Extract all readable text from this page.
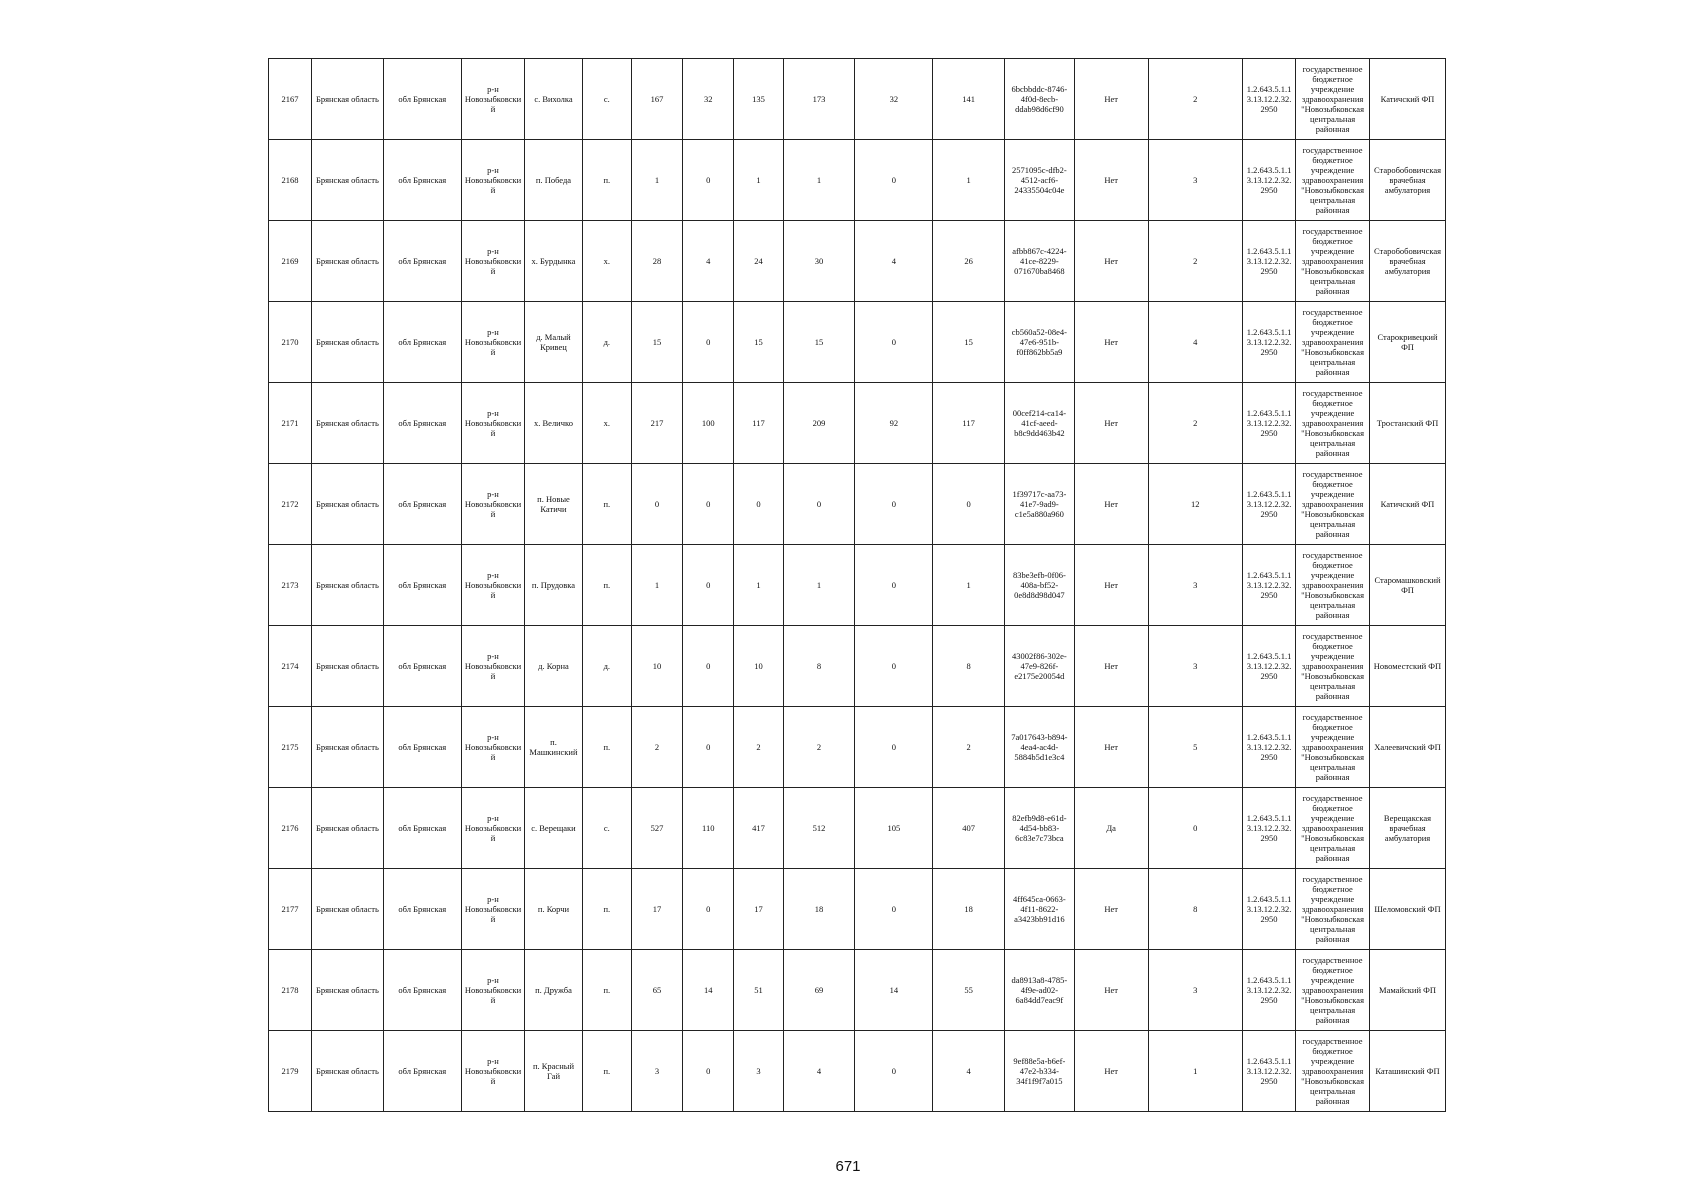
2167	Брянская область	обл Брянская	р-н Новозыбковский	с. Вихолка	с.	167	32	135	173	32	141	6bcbbddc-8746-4f0d-8ecb-ddab98d6cf90	Нет	2	1.2.643.5.1.13.13.12.2.32.2950	государственное бюджетное учреждение здравоохранения "Новозыбковская центральная районная	Катичский ФП
2168	Брянская область	обл Брянская	р-н Новозыбковский	п. Победа	п.	1	0	1	1	0	1	2571095c-dfb2-4512-acf6-24335504c04e	Нет	3	1.2.643.5.1.13.13.12.2.32.2950	государственное бюджетное учреждение здравоохранения "Новозыбковская центральная районная	Старобобовичская врачебная амбулатория
2169	Брянская область	обл Брянская	р-н Новозыбковский	х. Бурдынка	х.	28	4	24	30	4	26	afbb867c-4224-41ce-8229-071670ba8468	Нет	2	1.2.643.5.1.13.13.12.2.32.2950	государственное бюджетное учреждение здравоохранения "Новозыбковская центральная районная	Старобобовичская врачебная амбулатория
2170	Брянская область	обл Брянская	р-н Новозыбковский	д. Малый Кривец	д.	15	0	15	15	0	15	cb560a52-08e4-47e6-951b-f0ff862bb5a9	Нет	4	1.2.643.5.1.13.13.12.2.32.2950	государственное бюджетное учреждение здравоохранения "Новозыбковская центральная районная	Старокривецкий ФП
2171	Брянская область	обл Брянская	р-н Новозыбковский	х. Величко	х.	217	100	117	209	92	117	00cef214-ca14-41cf-aeed-b8c9dd463b42	Нет	2	1.2.643.5.1.13.13.12.2.32.2950	государственное бюджетное учреждение здравоохранения "Новозыбковская центральная районная	Тростанский ФП
2172	Брянская область	обл Брянская	р-н Новозыбковский	п. Новые Катичи	п.	0	0	0	0	0	0	1f39717c-aa73-41e7-9ad9-c1e5a880a960	Нет	12	1.2.643.5.1.13.13.12.2.32.2950	государственное бюджетное учреждение здравоохранения "Новозыбковская центральная районная	Катичский ФП
2173	Брянская область	обл Брянская	р-н Новозыбковский	п. Прудовка	п.	1	0	1	1	0	1	83be3efb-0f06-408a-bf52-0e8d8d98d047	Нет	3	1.2.643.5.1.13.13.12.2.32.2950	государственное бюджетное учреждение здравоохранения "Новозыбковская центральная районная	Старомашковский ФП
2174	Брянская область	обл Брянская	р-н Новозыбковский	д. Корна	д.	10	0	10	8	0	8	43002f86-302e-47e9-826f-e2175e20054d	Нет	3	1.2.643.5.1.13.13.12.2.32.2950	государственное бюджетное учреждение здравоохранения "Новозыбковская центральная районная	Новоместский ФП
2175	Брянская область	обл Брянская	р-н Новозыбковский	п. Машкинский	п.	2	0	2	2	0	2	7a017643-b894-4ea4-ac4d-5884b5d1e3c4	Нет	5	1.2.643.5.1.13.13.12.2.32.2950	государственное бюджетное учреждение здравоохранения "Новозыбковская центральная районная	Халеевичский ФП
2176	Брянская область	обл Брянская	р-н Новозыбковский	с. Верещаки	с.	527	110	417	512	105	407	82efb9d8-e61d-4d54-bb83-6c83e7c73bca	Да	0	1.2.643.5.1.13.13.12.2.32.2950	государственное бюджетное учреждение здравоохранения "Новозыбковская центральная районная	Верещакская врачебная амбулатория
2177	Брянская область	обл Брянская	р-н Новозыбковский	п. Корчи	п.	17	0	17	18	0	18	4ff645ca-0663-4f11-8622-a3423bb91d16	Нет	8	1.2.643.5.1.13.13.12.2.32.2950	государственное бюджетное учреждение здравоохранения "Новозыбковская центральная районная	Шеломовский ФП
2178	Брянская область	обл Брянская	р-н Новозыбковский	п. Дружба	п.	65	14	51	69	14	55	da8913a8-4785-4f9e-ad02-6a84dd7eac9f	Нет	3	1.2.643.5.1.13.13.12.2.32.2950	государственное бюджетное учреждение здравоохранения "Новозыбковская центральная районная	Мамайский ФП
2179	Брянская область	обл Брянская	р-н Новозыбковский	п. Красный Гай	п.	3	0	3	4	0	4	9ef88e5a-b6ef-47e2-b334-34f1f9f7a015	Нет	1	1.2.643.5.1.13.13.12.2.32.2950	государственное бюджетное учреждение здравоохранения "Новозыбковская центральная районная	Каташинский ФП
671
